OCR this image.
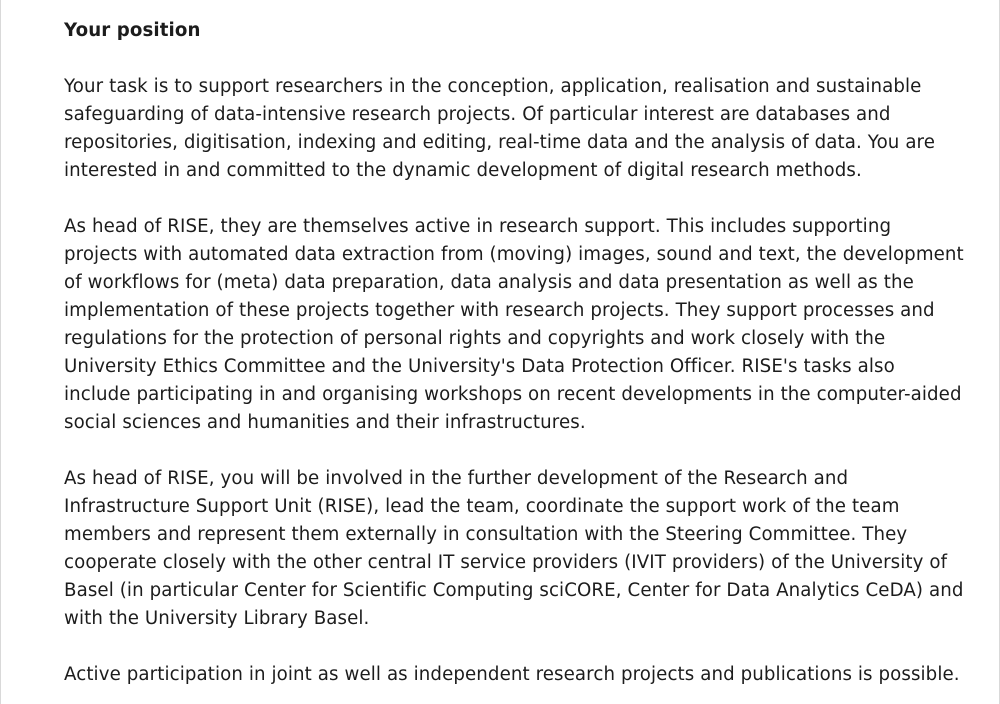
Your position

Your task is to support researchers in the conception, application, realisation and sustainable safeguarding of data-intensive research projects. Of particular interest are databases and repositories, digitisation, indexing and editing, real-time data and the analysis of data. You are interested in and committed to the dynamic development of digital research methods.

As head of RISE, they are themselves active in research support. This includes supporting projects with automated data extraction from (moving) images, sound and text, the development of workflows for (meta) data preparation, data analysis and data presentation as well as the implementation of these projects together with research projects. They support processes and regulations for the protection of personal rights and copyrights and work closely with the University Ethics Committee and the University's Data Protection Officer. RISE's tasks also include participating in and organising workshops on recent developments in the computer-aided social sciences and humanities and their infrastructures.

As head of RISE, you will be involved in the further development of the Research and Infrastructure Support Unit (RISE), lead the team, coordinate the support work of the team members and represent them externally in consultation with the Steering Committee. They cooperate closely with the other central IT service providers (IVIT providers) of the University of Basel (in particular Center for Scientific Computing sciCORE, Center for Data Analytics CeDA) and with the University Library Basel.

Active participation in joint as well as independent research projects and publications is possible.
